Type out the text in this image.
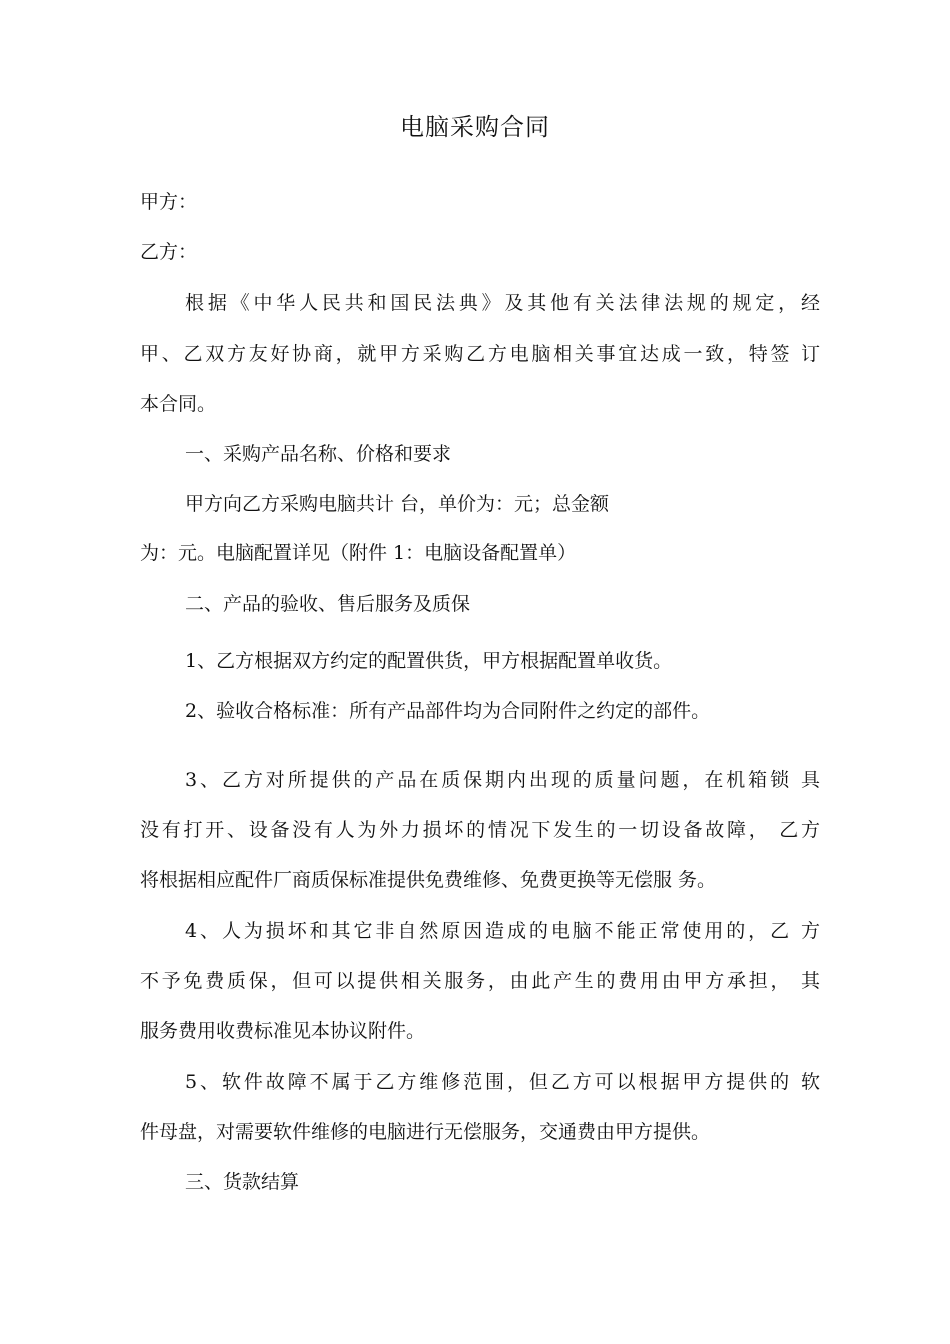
电脑采购合同
甲方：
乙方：
根据《中华人民共和国民法典》及其他有关法律法规的规定，经
甲、乙双方友好协商，就甲方采购乙方电脑相关事宜达成一致，特签 订
本合同。
一、采购产品名称、价格和要求
甲方向乙方采购电脑共计 台，单价为：元；总金额
为：元。电脑配置详见（附件 1：电脑设备配置单）
二、产品的验收、售后服务及质保
1、乙方根据双方约定的配置供货，甲方根据配置单收货。
2、验收合格标准：所有产品部件均为合同附件之约定的部件。
3、乙方对所提供的产品在质保期内出现的质量问题，在机箱锁 具
没有打开、设备没有人为外力损坏的情况下发生的一切设备故障， 乙方
将根据相应配件厂商质保标准提供免费维修、免费更换等无偿服 务。
4、人为损坏和其它非自然原因造成的电脑不能正常使用的，乙 方
不予免费质保，但可以提供相关服务，由此产生的费用由甲方承担， 其
服务费用收费标准见本协议附件。
5、软件故障不属于乙方维修范围，但乙方可以根据甲方提供的 软
件母盘，对需要软件维修的电脑进行无偿服务，交通费由甲方提供。
三、货款结算
